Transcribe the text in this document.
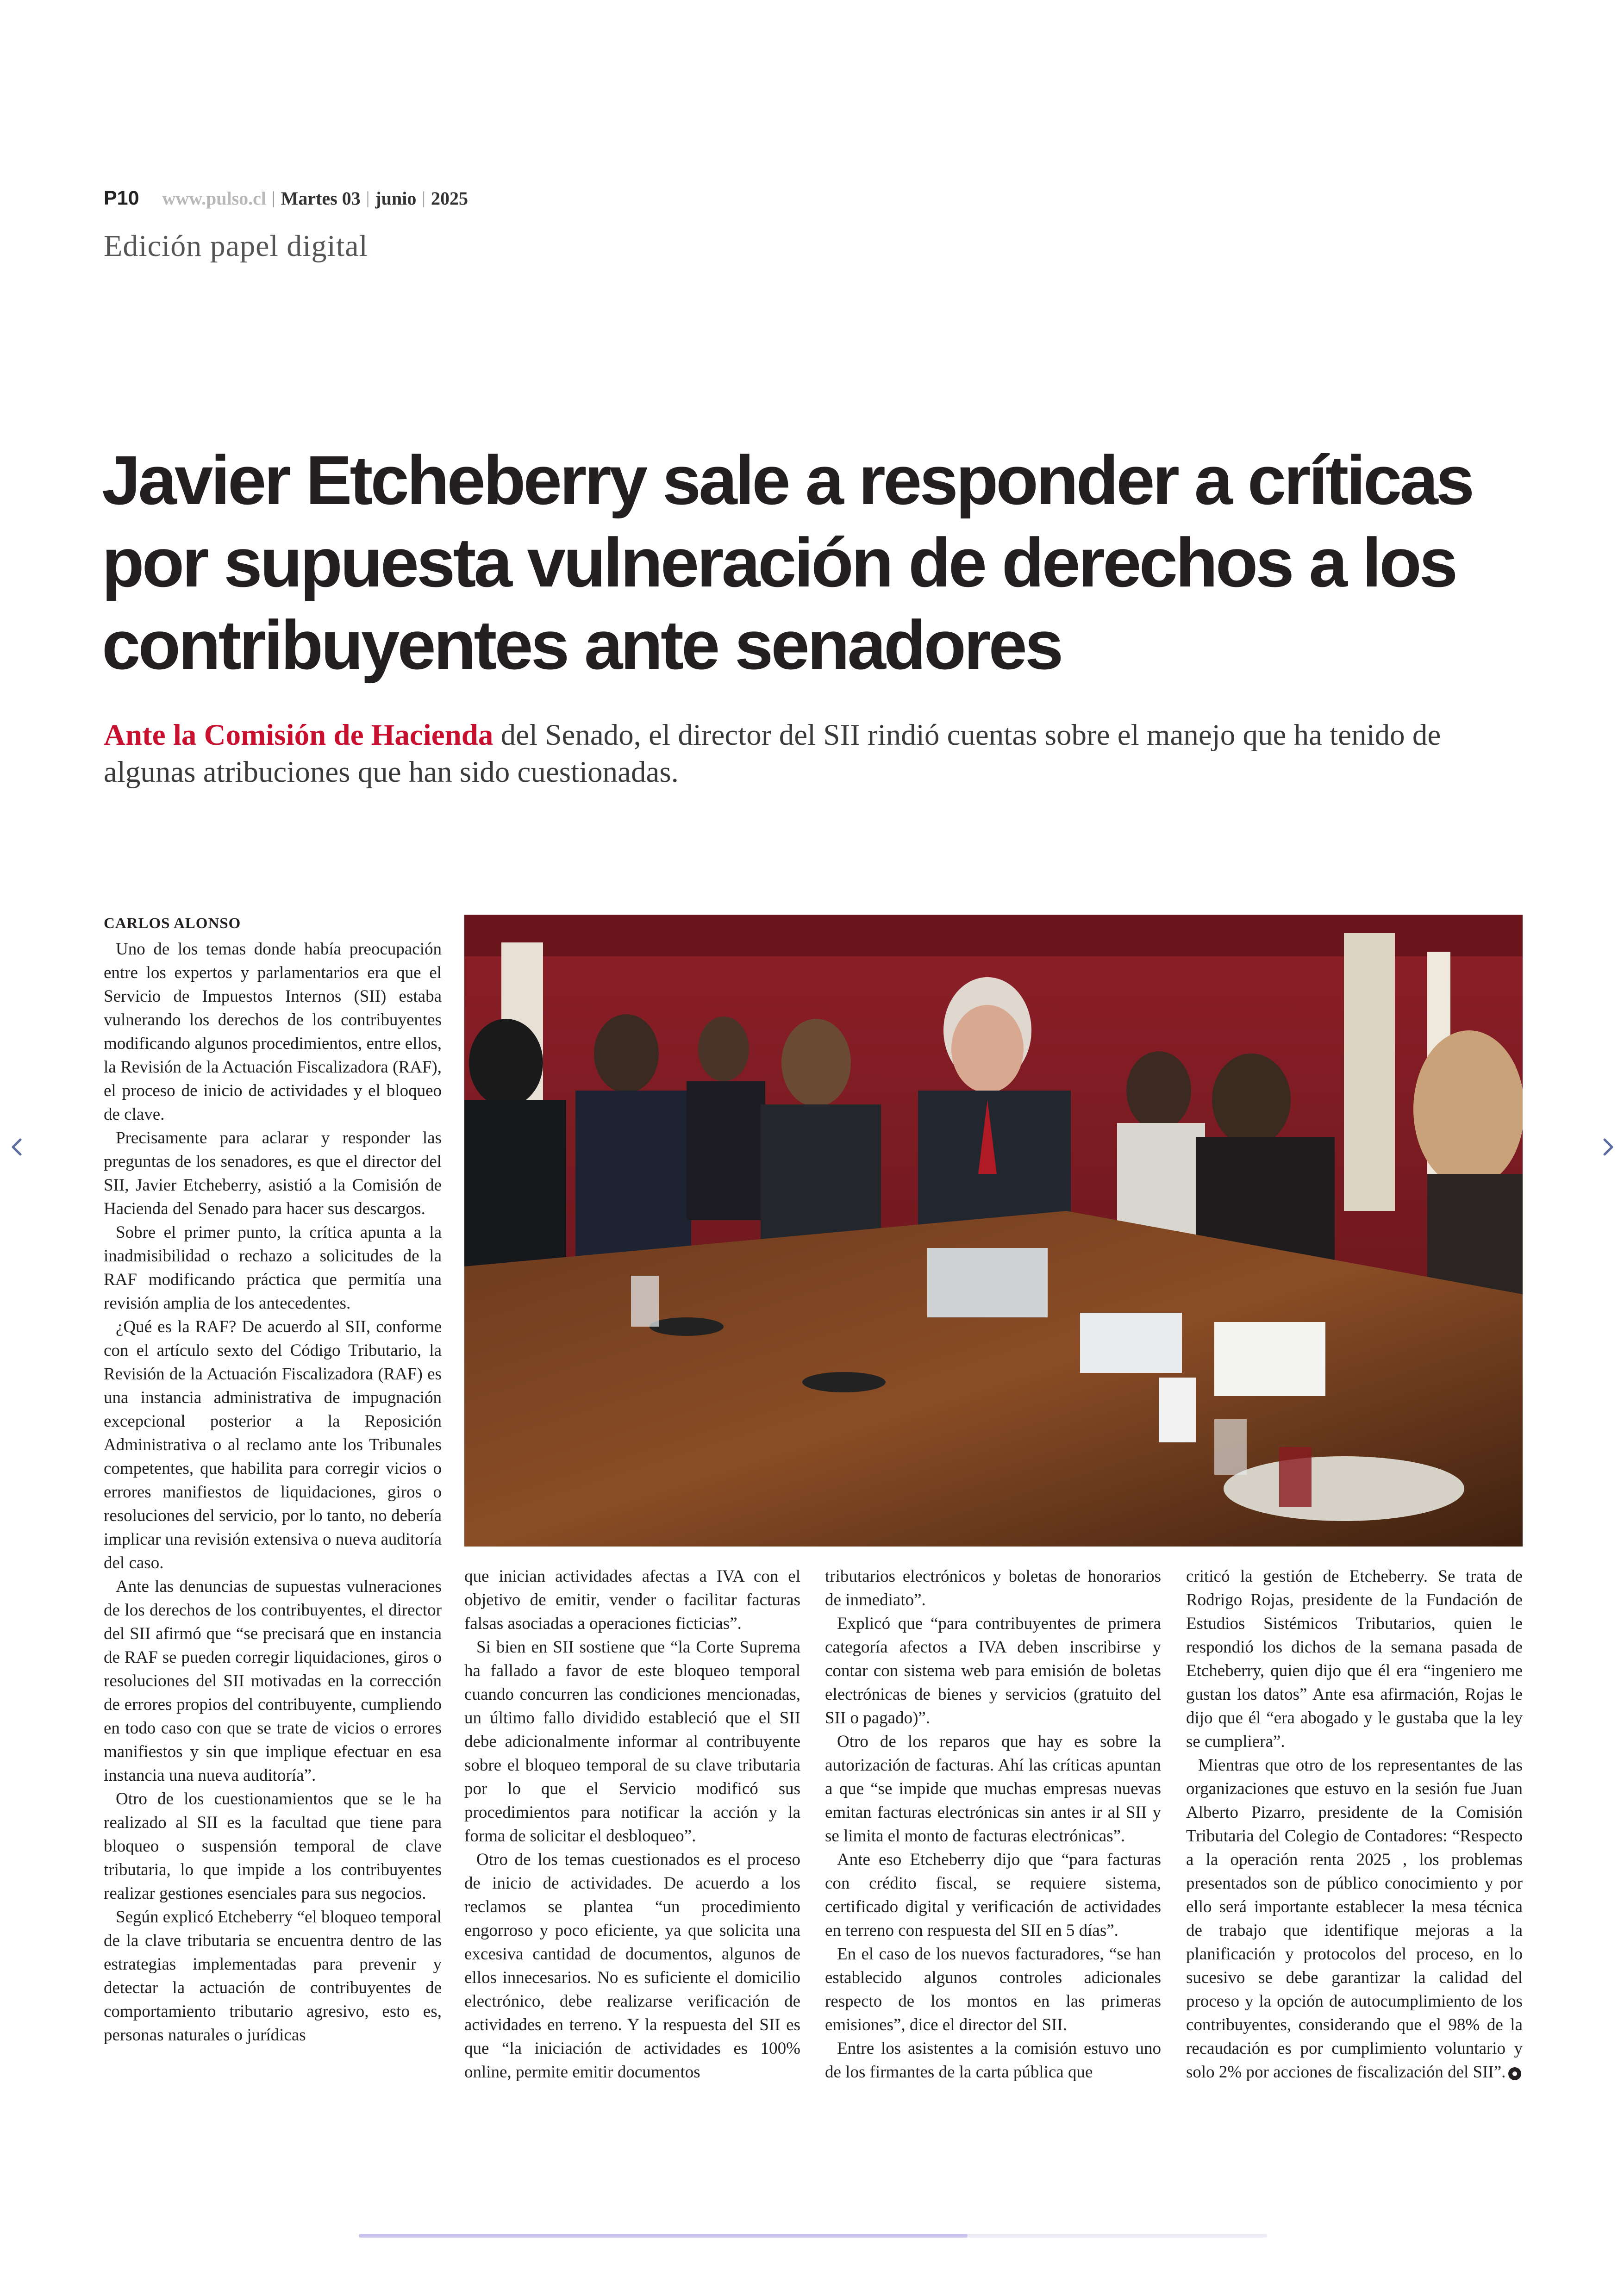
P10 www.pulso.cl | Martes 03 | junio | 2025
Edición papel digital
Javier Etcheberry sale a responder a críticas
por supuesta vulneración de derechos a los
contribuyentes ante senadores
Ante la Comisión de Hacienda del Senado, el director del SII rindió cuentas sobre el manejo que ha tenido de algunas atribuciones que han sido cuestionadas.

CARLOS ALONSO

Uno de los temas donde había preocupación entre los expertos y parlamentarios era que el Servicio de Impuestos Internos (SII) estaba vulnerando los derechos de los contribuyentes modificando algunos procedimientos, entre ellos, la Revisión de la Actuación Fiscalizadora (RAF), el proceso de inicio de actividades y el bloqueo de clave.

Precisamente para aclarar y responder las preguntas de los senadores, es que el director del SII, Javier Etcheberry, asistió a la Comisión de Hacienda del Senado para hacer sus descargos.

Sobre el primer punto, la crítica apunta a la inadmisibilidad o rechazo a solicitudes de la RAF modificando práctica que permitía una revisión amplia de los antecedentes.

¿Qué es la RAF? De acuerdo al SII, conforme con el artículo sexto del Código Tributario, la Revisión de la Actuación Fiscalizadora (RAF) es una instancia administrativa de impugnación excepcional posterior a la Reposición Administrativa o al reclamo ante los Tribunales competentes, que habilita para corregir vicios o errores manifiestos de liquidaciones, giros o resoluciones del servicio, por lo tanto, no debería implicar una revisión extensiva o nueva auditoría del caso.

Ante las denuncias de supuestas vulneraciones de los derechos de los contribuyentes, el director del SII afirmó que “se precisará que en instancia de RAF se pueden corregir liquidaciones, giros o resoluciones del SII motivadas en la corrección de errores propios del contribuyente, cumpliendo en todo caso con que se trate de vicios o errores manifiestos y sin que implique efectuar en esa instancia una nueva auditoría”.

Otro de los cuestionamientos que se le ha realizado al SII es la facultad que tiene para bloqueo o suspensión temporal de clave tributaria, lo que impide a los contribuyentes realizar gestiones esenciales para sus negocios.

Según explicó Etcheberry “el bloqueo temporal de la clave tributaria se encuentra dentro de las estrategias implementadas para prevenir y detectar la actuación de contribuyentes de comportamiento tributario agresivo, esto es, personas naturales o jurídicas

que inician actividades afectas a IVA con el objetivo de emitir, vender o facilitar facturas falsas asociadas a operaciones ficticias”.

Si bien en SII sostiene que “la Corte Suprema ha fallado a favor de este bloqueo temporal cuando concurren las condiciones mencionadas, un último fallo dividido estableció que el SII debe adicionalmente informar al contribuyente sobre el bloqueo temporal de su clave tributaria por lo que el Servicio modificó sus procedimientos para notificar la acción y la forma de solicitar el desbloqueo”.

Otro de los temas cuestionados es el proceso de inicio de actividades. De acuerdo a los reclamos se plantea “un procedimiento engorroso y poco eficiente, ya que solicita una excesiva cantidad de documentos, algunos de ellos innecesarios. No es suficiente el domicilio electrónico, debe realizarse verificación de actividades en terreno. Y la respuesta del SII es que “la iniciación de actividades es 100% online, permite emitir documentos

tributarios electrónicos y boletas de honorarios de inmediato”.

Explicó que “para contribuyentes de primera categoría afectos a IVA deben inscribirse y contar con sistema web para emisión de boletas electrónicas de bienes y servicios (gratuito del SII o pagado)”.

Otro de los reparos que hay es sobre la autorización de facturas. Ahí las críticas apuntan a que “se impide que muchas empresas nuevas emitan facturas electrónicas sin antes ir al SII y se limita el monto de facturas electrónicas”.

Ante eso Etcheberry dijo que “para facturas con crédito fiscal, se requiere sistema, certificado digital y verificación de actividades en terreno con respuesta del SII en 5 días”.

En el caso de los nuevos facturadores, “se han establecido algunos controles adicionales respecto de los montos en las primeras emisiones”, dice el director del SII.

Entre los asistentes a la comisión estuvo uno de los firmantes de la carta pública que

criticó la gestión de Etcheberry. Se trata de Rodrigo Rojas, presidente de la Fundación de Estudios Sistémicos Tributarios, quien le respondió los dichos de la semana pasada de Etcheberry, quien dijo que él era “ingeniero me gustan los datos” Ante esa afirmación, Rojas le dijo que él “era abogado y le gustaba que la ley se cumpliera”.

Mientras que otro de los representantes de las organizaciones que estuvo en la sesión fue Juan Alberto Pizarro, presidente de la Comisión Tributaria del Colegio de Contadores: “Respecto a la operación renta 2025 , los problemas presentados son de público conocimiento y por ello será importante establecer la mesa técnica de trabajo que identifique mejoras a la planificación y protocolos del proceso, en lo sucesivo se debe garantizar la calidad del proceso y la opción de autocumplimiento de los contribuyentes, considerando que el 98% de la recaudación es por cumplimiento voluntario y solo 2% por acciones de fiscalización del SII”.
